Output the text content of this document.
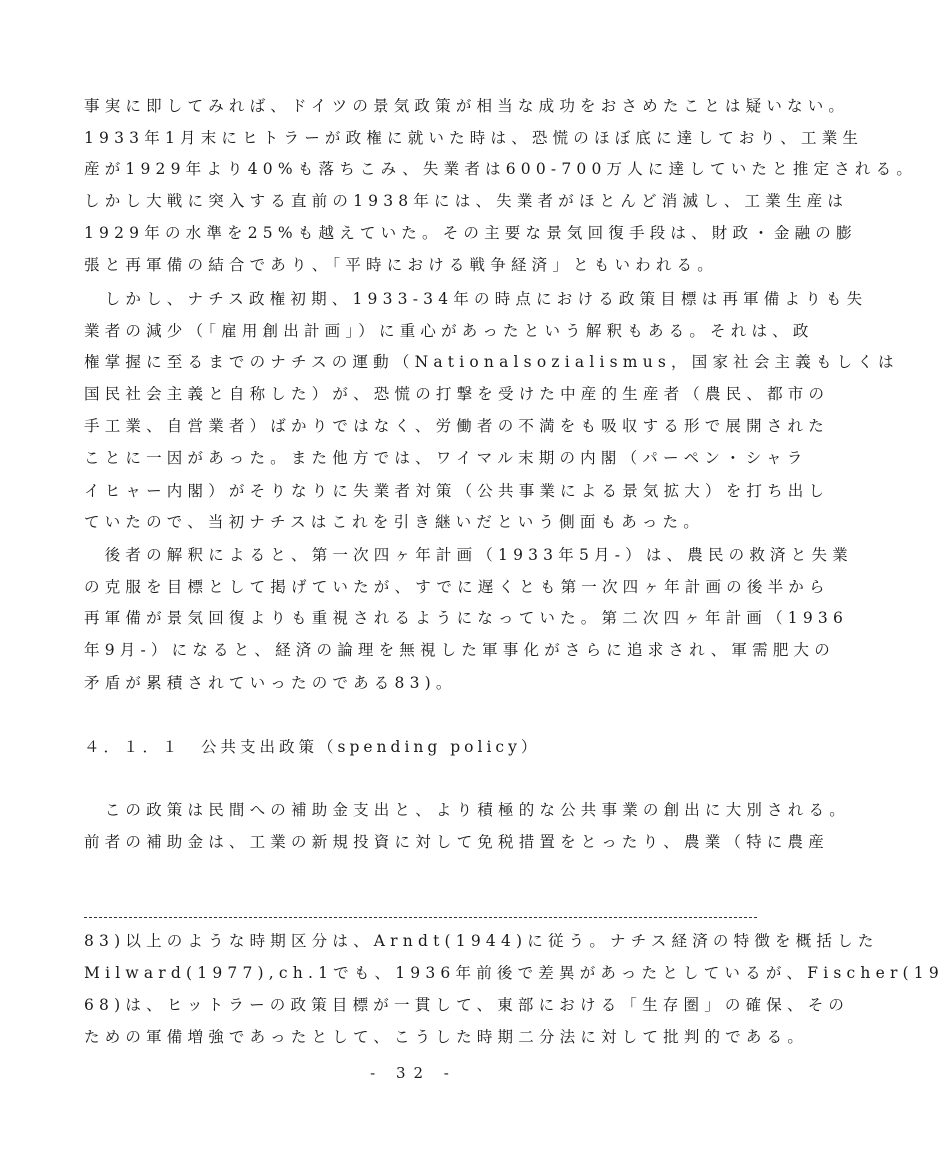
事実に即してみれば、ドイツの景気政策が相当な成功をおさめたことは疑いない。
1933年1月末にヒトラーが政権に就いた時は、恐慌のほぼ底に達しており、工業生
産が1929年より40%も落ちこみ、失業者は600-700万人に達していたと推定される。
しかし大戦に突入する直前の1938年には、失業者がほとんど消滅し、工業生産は
1929年の水準を25%も越えていた。その主要な景気回復手段は、財政・金融の膨
張と再軍備の結合であり、「平時における戦争経済」ともいわれる。
　しかし、ナチス政権初期、1933-34年の時点における政策目標は再軍備よりも失
業者の減少（「雇用創出計画」）に重心があったという解釈もある。それは、政
権掌握に至るまでのナチスの運動（Nationalsozialismus，国家社会主義もしくは
国民社会主義と自称した）が、恐慌の打撃を受けた中産的生産者（農民、都市の
手工業、自営業者）ばかりではなく、労働者の不満をも吸収する形で展開された
ことに一因があった。また他方では、ワイマル末期の内閣（パーペン・シャラ
イヒャー内閣）がそりなりに失業者対策（公共事業による景気拡大）を打ち出し
ていたので、当初ナチスはこれを引き継いだという側面もあった。
　後者の解釈によると、第一次四ヶ年計画（1933年5月-）は、農民の救済と失業
の克服を目標として掲げていたが、すでに遅くとも第一次四ヶ年計画の後半から
再軍備が景気回復よりも重視されるようになっていた。第二次四ヶ年計画（1936
年9月-）になると、経済の論理を無視した軍事化がさらに追求され、軍需肥大の
矛盾が累積されていったのである83)。
４．１．１　公共支出政策（spending policy）
　この政策は民間への補助金支出と、より積極的な公共事業の創出に大別される。
前者の補助金は、工業の新規投資に対して免税措置をとったり、農業（特に農産
83)以上のような時期区分は、Arndt(1944)に従う。ナチス経済の特徴を概括した
Milward(1977),ch.1でも、1936年前後で差異があったとしているが、Fischer(19
68)は、ヒットラーの政策目標が一貫して、東部における「生存圏」の確保、その
ための軍備増強であったとして、こうした時期二分法に対して批判的である。
- 32 -
